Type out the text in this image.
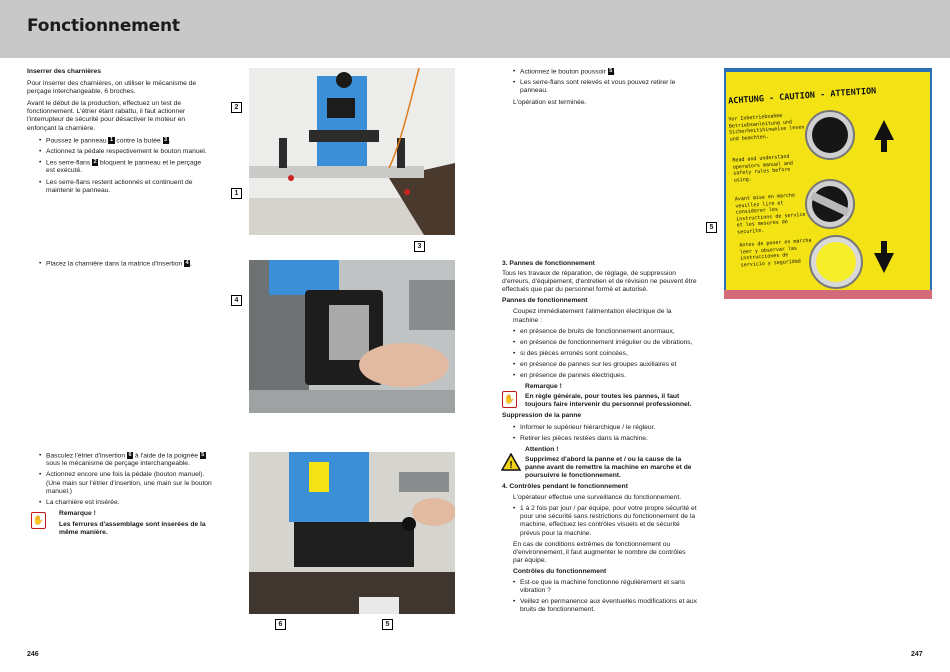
Fonctionnement

Inserrer des charnières

Pour inserrer des charnières, on utiliser le mécanisme de perçage interchangeable, 6 broches.

Avant le début de la production, effectuez un test de fonctionnement. L'étrier étant rabattu, il faut actionner l'interrupteur de sécurité pour désactiver le moteur en enfonçant la charnière.

• Poussez le panneau 1 contre la butée 3 .
• Actionnez la pédale respectivement le bouton manuel.
• Les serre-flans 2 bloquent le panneau et le perçage est exécuté.
• Les serre-flans restent actionnés et continuent de maintenir le panneau.
• Placez la charnière dans la matrice d'insertion 4 .
• Basculez l'étrier d'insertion 6 à l'aide de la poignée 5 sous le mécanisme de perçage interchangeable.
• Actionnez encore une fois la pédale (bouton manuel). (Une main sur l'étrier d'insertion, une main sur le bouton manuel.)
• La charnière est insérée.
✋
Remarque !
Les ferrures d'assemblage sont inserées de la même manière.
246
2
1
3
4
6	5
• Actionnez le bouton poussoir 5 .
• Les serre-flans sont relevés et vous pouvez retirer le panneau.

L'opération est terminée.

3. Pannes de fonctionnement

Tous les travaux de réparation, de réglage, de suppression d'erreurs, d'équipement, d'entretien et de révision ne peuvent être effectués que par du personnel formé et autorisé.

Pannes de fonctionnement

Coupez immédiatement l'alimentation électrique de la machine :

• en présence de bruits de fonctionnement anormaux,
• en présence de fonctionnement irrégulier ou de vibrations,
• si des pièces erronés sont coincées,
• en présence de pannes sur les groupes auxiliaires et
• en présence de pannes électriques.
✋
Remarque !
En règle générale, pour toutes les pannes, il faut toujours faire intervenir du personnel professionnel.

Suppression de la panne

• Informer le supérieur hiérarchique / le régleur.
• Retirer les pièces restées dans la machine.
!
Attention !
Supprimez d'abord la panne et / ou la cause de la panne avant de remettre la machine en marche et de poursuivre le fonctionnement.

4. Contrôles pendant le fonctionnement

L'opérateur effectue une surveillance du fonctionnement.

• 1 à 2 fois par jour / par équipe, pour votre propre sécurité et pour une sécurité sans restrictions du fonctionnement de la machine, effectuez les contrôles visuels et de sécurité prévus pour la machine.

En cas de conditions extrêmes de fonctionnement ou d'environnement, il faut augmenter le nombre de contrôles par équipe.

Contrôles du fonctionnement

• Est-ce que la machine fonctionne régulièrement et sans vibration ?
• Veillez en permanence aux éventuelles modifications et aux bruits de fonctionnement.
247
ACHTUNG - CAUTION - ATTENTION
Vor Inbetriebnahme Betriebsanleitung und Sicherheitshinweise lesen und beachten.
Read and understand operators manual and safety rules before using.
Avant mise en marche veuillez lire et considerer les instructions de service et les mesures de securite.
Antes de poner en marcha leer y observar las instrucciones de servicio y seguridad
5
